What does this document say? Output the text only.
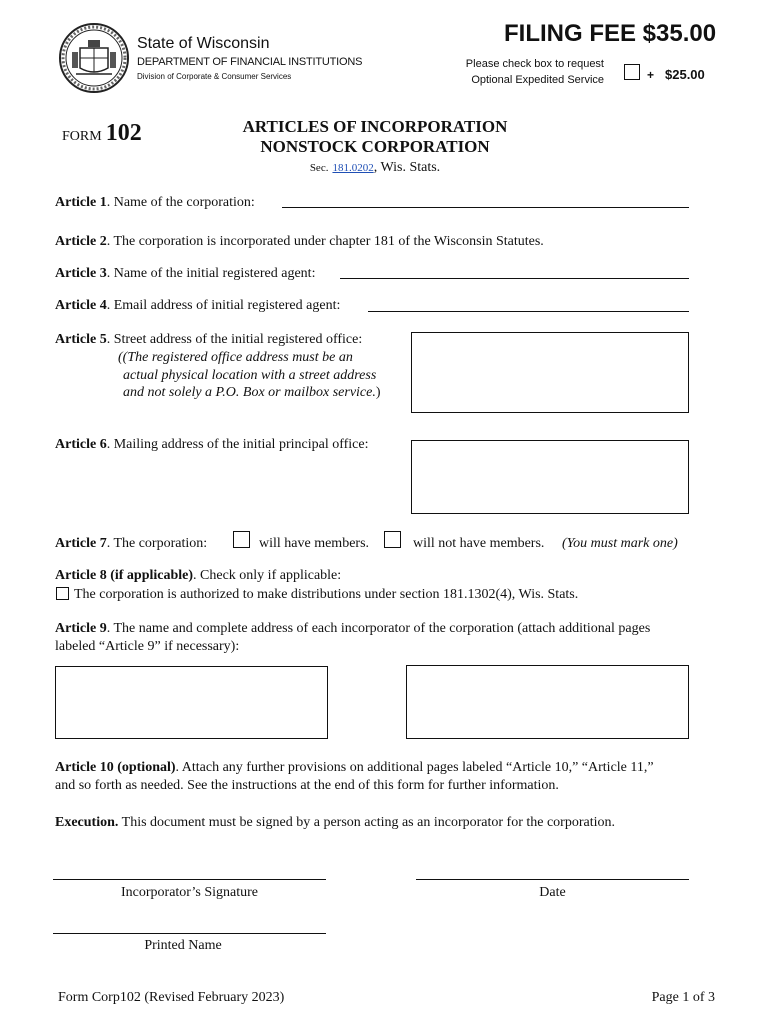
State of Wisconsin
DEPARTMENT OF FINANCIAL INSTITUTIONS
Division of Corporate & Consumer Services
FILING FEE $35.00
Please check box to request
Optional Expedited Service	+ $25.00
FORM 102	ARTICLES OF INCORPORATION
NONSTOCK CORPORATION
Sec. 181.0202, Wis. Stats.
Article 1. Name of the corporation:
Article 2. The corporation is incorporated under chapter 181 of the Wisconsin Statutes.
Article 3. Name of the initial registered agent:
Article 4. Email address of initial registered agent:
Article 5. Street address of the initial registered office:
((The registered office address must be an
actual physical location with a street address
and not solely a P.O. Box or mailbox service.)
Article 6. Mailing address of the initial principal office:
Article 7. The corporation:	will have members.	will not have members. (You must mark one)
Article 8 (if applicable). Check only if applicable:
The corporation is authorized to make distributions under section 181.1302(4), Wis. Stats.
Article 9. The name and complete address of each incorporator of the corporation (attach additional pages
labeled “Article 9” if necessary):
Article 10 (optional). Attach any further provisions on additional pages labeled “Article 10,” “Article 11,”
and so forth as needed. See the instructions at the end of this form for further information.
Execution. This document must be signed by a person acting as an incorporator for the corporation.
Incorporator’s Signature	Date
Printed Name
Form Corp102 (Revised February 2023)	Page 1 of 3
